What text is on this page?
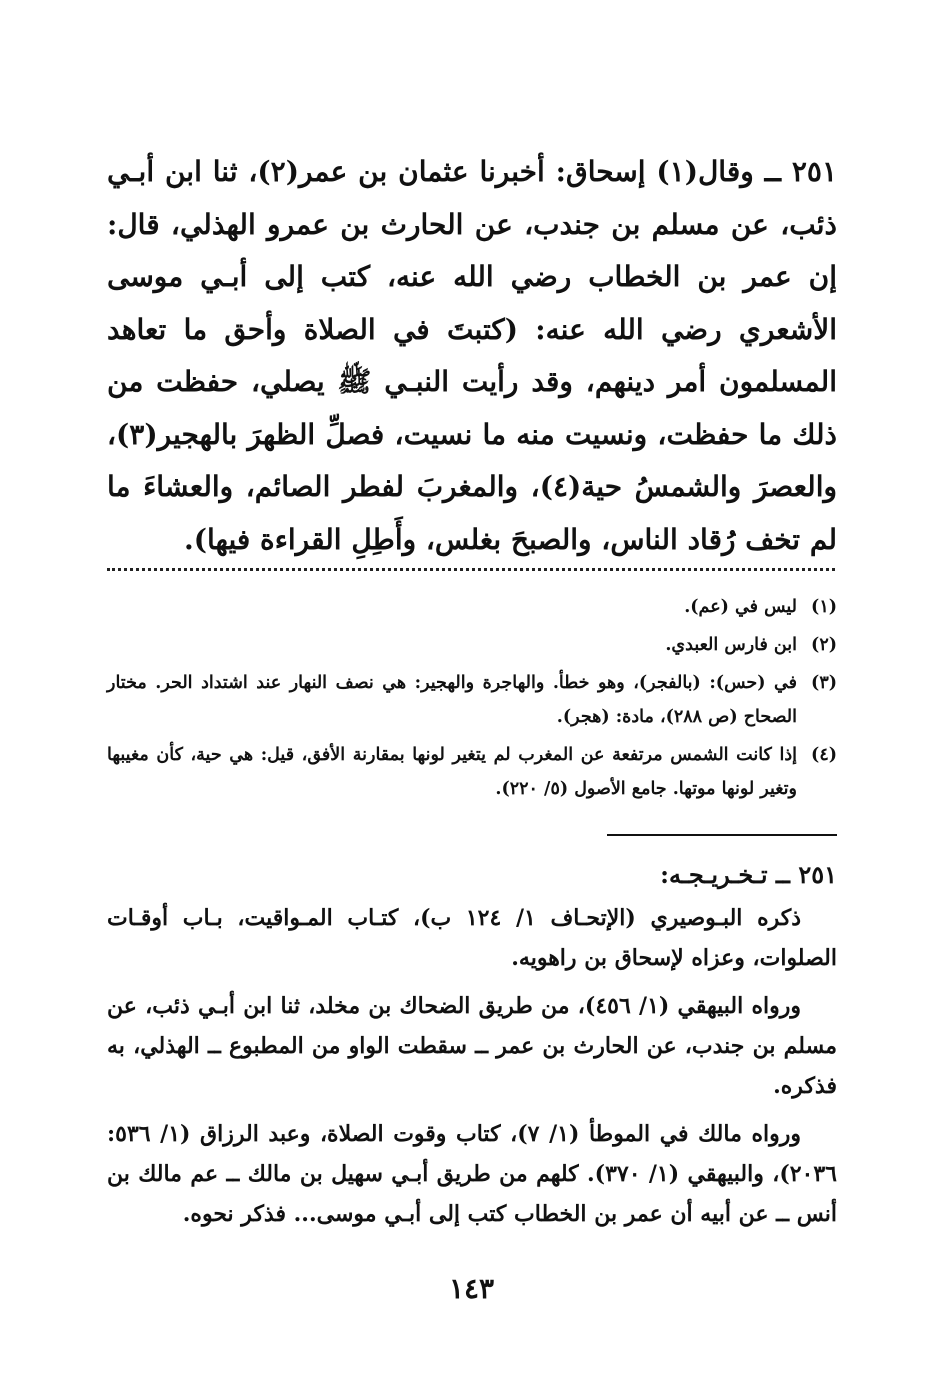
٢٥١ ــ وقال(١) إسحاق: أخبرنا عثمان بن عمر(٢)، ثنا ابن أبـي ذئب، عن مسلم بن جندب، عن الحارث بن عمرو الهذلي، قال: إن عمر بن الخطاب رضي الله عنه، كتب إلى أبـي موسى الأشعري رضي الله عنه: (كتبتَ في الصلاة وأحق ما تعاهد المسلمون أمر دينهم، وقد رأيت النبـي ﷺ يصلي، حفظت من ذلك ما حفظت، ونسيت منه ما نسيت، فصلِّ الظهرَ بالهجير(٣)، والعصرَ والشمسُ حية(٤)، والمغربَ لفطر الصائم، والعشاءَ ما لم تخف رُقاد الناس، والصبحَ بغلس، وأَطِلِ القراءة فيها).

(١)
ليس في (عم).
(٢)
ابن فارس العبدي.
(٣)
في (حس): (بالفجر)، وهو خطأ. والهاجرة والهجير: هي نصف النهار عند اشتداد الحر. مختار الصحاح (ص ٢٨٨)، مادة: (هجر).
(٤)
إذا كانت الشمس مرتفعة عن المغرب لم يتغير لونها بمقارنة الأفق، قيل: هي حية، كأن مغيبها وتغير لونها موتها. جامع الأصول (٥/ ٢٢٠).
٢٥١ ــ تـخـريـجـه:

ذكره البـوصيري (الإتحـاف ١/ ١٢٤ ب)، كتـاب المـواقيت، بـاب أوقـات الصلوات، وعزاه لإسحاق بن راهويه.

ورواه البيهقي (١/ ٤٥٦)، من طريق الضحاك بن مخلد، ثنا ابن أبـي ذئب، عن مسلم بن جندب، عن الحارث بن عمر ــ سقطت الواو من المطبوع ــ الهذلي، به فذكره.

ورواه مالك في الموطأ (١/ ٧)، كتاب وقوت الصلاة، وعبد الرزاق (١/ ٥٣٦: ٢٠٣٦)، والبيهقي (١/ ٣٧٠). كلهم من طريق أبـي سهيل بن مالك ــ عم مالك بن أنس ــ عن أبيه أن عمر بن الخطاب كتب إلى أبـي موسى... فذكر نحوه.

١٤٣
